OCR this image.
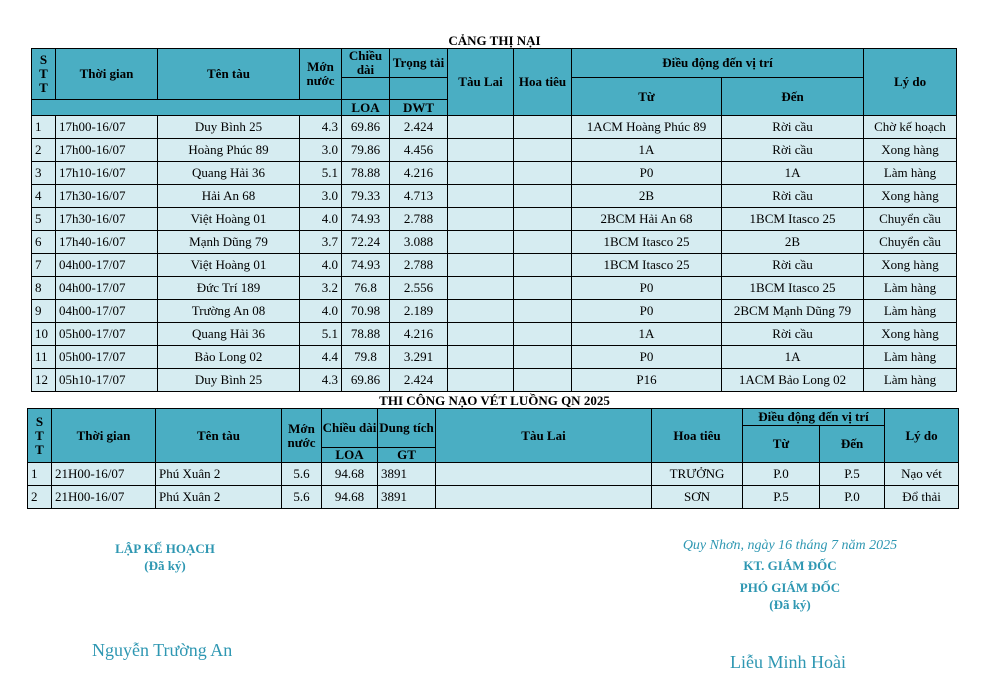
CẢNG THỊ NẠI
STT	Thời gian	Tên tàu	Mớn nước	Chiều dài	Trọng tải	Tàu Lai	Hoa tiêu	Điều động đến vị trí		Lý do
								Từ	Đến	
				LOA	DWT					
1	17h00-16/07	Duy Bình 25	4.3	69.86	2.424			1ACM Hoàng Phúc 89	Rời cầu	Chờ kế hoạch
2	17h00-16/07	Hoàng Phúc 89	3.0	79.86	4.456			1A	Rời cầu	Xong hàng
3	17h10-16/07	Quang Hải 36	5.1	78.88	4.216			P0	1A	Làm hàng
4	17h30-16/07	Hải An 68	3.0	79.33	4.713			2B	Rời cầu	Xong hàng
5	17h30-16/07	Việt Hoàng 01	4.0	74.93	2.788			2BCM Hải An 68	1BCM Itasco 25	Chuyển cầu
6	17h40-16/07	Mạnh Dũng 79	3.7	72.24	3.088			1BCM Itasco 25	2B	Chuyển cầu
7	04h00-17/07	Việt Hoàng 01	4.0	74.93	2.788			1BCM Itasco 25	Rời cầu	Xong hàng
8	04h00-17/07	Đức Trí 189	3.2	76.8	2.556			P0	1BCM Itasco 25	Làm hàng
9	04h00-17/07	Trường An 08	4.0	70.98	2.189			P0	2BCM Mạnh Dũng 79	Làm hàng
10	05h00-17/07	Quang Hải 36	5.1	78.88	4.216			1A	Rời cầu	Xong hàng
11	05h00-17/07	Bảo Long 02	4.4	79.8	3.291			P0	1A	Làm hàng
12	05h10-17/07	Duy Bình 25	4.3	69.86	2.424			P16	1ACM Bảo Long 02	Làm hàng
THI CÔNG NẠO VÉT LUỒNG QN 2025
STT	Thời gian	Tên tàu	Mớn nước	Chiều dài	Dung tích	Tàu Lai	Hoa tiêu	Điều động đến vị trí		Lý do
								Từ	Đến	
				LOA	GT					
1	21H00-16/07	Phú Xuân 2	5.6	94.68	3891		TRƯỞNG	P.0	P.5	Nạo vét
2	21H00-16/07	Phú Xuân 2	5.6	94.68	3891		SƠN	P.5	P.0	Đổ thải
LẬP KẾ HOẠCH
(Đã ký)
Nguyễn Trường An
Quy Nhơn, ngày 16 tháng 7 năm 2025
KT. GIÁM ĐỐC
PHÓ GIÁM ĐỐC
(Đã ký)
Liễu Minh Hoài
